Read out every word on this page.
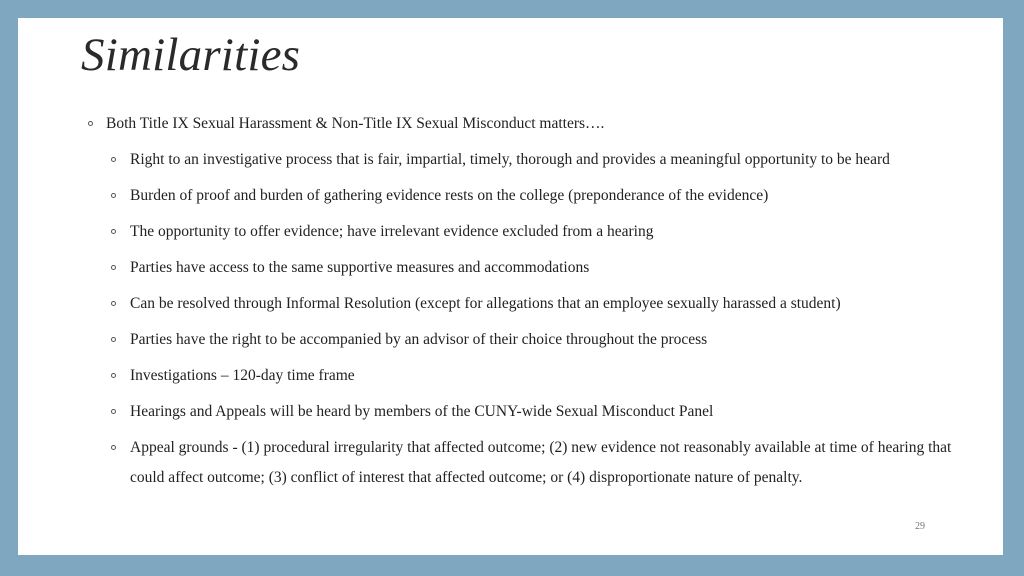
Similarities
Both Title IX Sexual Harassment & Non-Title IX Sexual Misconduct matters….
Right to an investigative process that is fair, impartial, timely, thorough and provides a meaningful opportunity to be heard
Burden of proof and burden of gathering evidence rests on the college (preponderance of the evidence)
The opportunity to offer evidence; have irrelevant evidence excluded from a hearing
Parties have access to the same supportive measures and accommodations
Can be resolved through Informal Resolution (except for allegations that an employee sexually harassed a student)
Parties have the right to be accompanied by an advisor of their choice throughout the process
Investigations – 120-day time frame
Hearings and Appeals will be heard by members of the CUNY-wide Sexual Misconduct Panel
Appeal grounds - (1) procedural irregularity that affected outcome; (2) new evidence not reasonably available at time of hearing that could affect outcome; (3) conflict of interest that affected outcome; or (4) disproportionate nature of penalty.
29
